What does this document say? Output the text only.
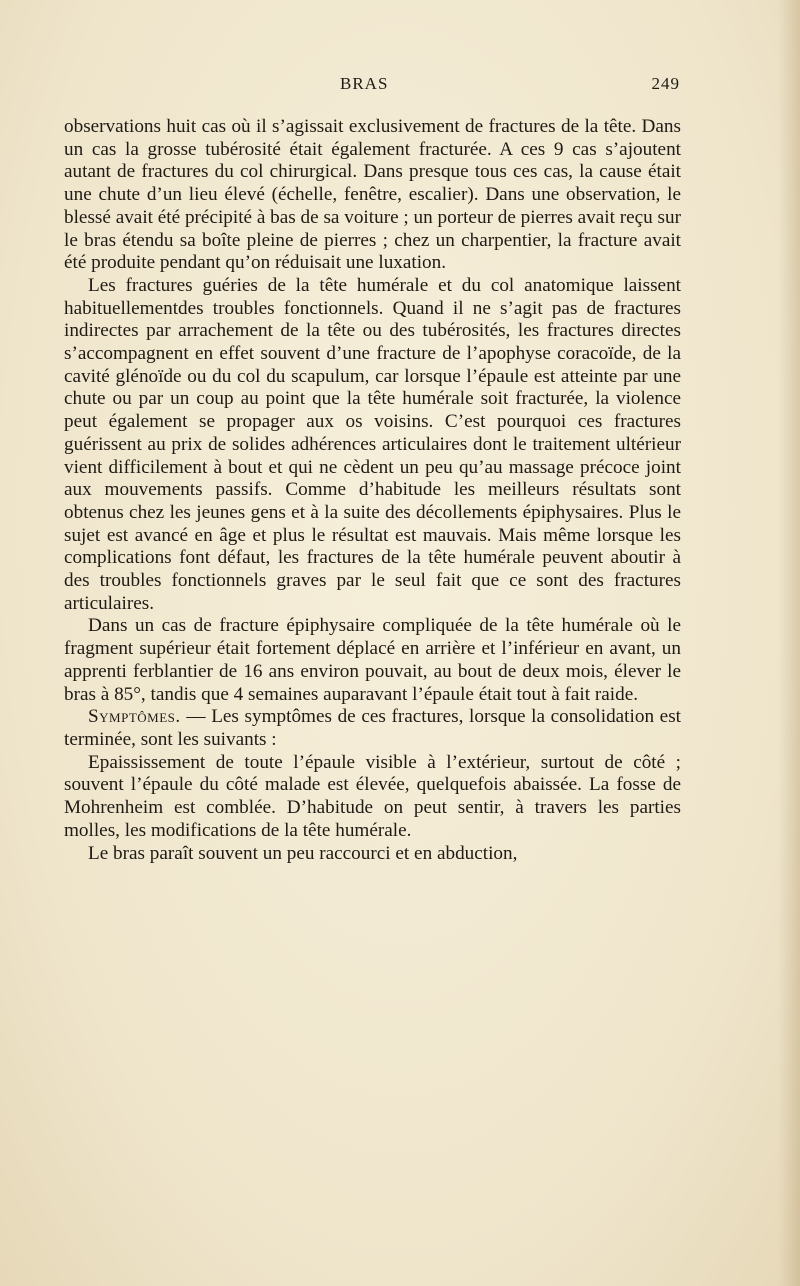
BRAS	249

observations huit cas où il s’agissait exclusivement de fractures de la tête. Dans un cas la grosse tubérosité était également fracturée. A ces 9 cas s’ajoutent autant de fractures du col chirurgical. Dans presque tous ces cas, la cause était une chute d’un lieu élevé (échelle, fenêtre, escalier). Dans une observation, le blessé avait été précipité à bas de sa voiture ; un porteur de pierres avait reçu sur le bras étendu sa boîte pleine de pierres ; chez un charpentier, la fracture avait été produite pendant qu’on réduisait une luxation.

Les fractures guéries de la tête humérale et du col anatomique laissent habituellementdes troubles fonctionnels. Quand il ne s’agit pas de fractures indirectes par arrachement de la tête ou des tubérosités, les fractures directes s’accompagnent en effet souvent d’une fracture de l’apophyse coracoïde, de la cavité glénoïde ou du col du scapulum, car lorsque l’épaule est atteinte par une chute ou par un coup au point que la tête humérale soit fracturée, la violence peut également se propager aux os voisins. C’est pourquoi ces fractures guérissent au prix de solides adhérences articulaires dont le traitement ultérieur vient difficilement à bout et qui ne cèdent un peu qu’au massage précoce joint aux mouvements passifs. Comme d’habitude les meilleurs résultats sont obtenus chez les jeunes gens et à la suite des décollements épiphysaires. Plus le sujet est avancé en âge et plus le résultat est mauvais. Mais même lorsque les complications font défaut, les fractures de la tête humérale peuvent aboutir à des troubles fonctionnels graves par le seul fait que ce sont des fractures articulaires.

Dans un cas de fracture épiphysaire compliquée de la tête humérale où le fragment supérieur était fortement déplacé en arrière et l’inférieur en avant, un apprenti ferblantier de 16 ans environ pouvait, au bout de deux mois, élever le bras à 85°, tandis que 4 semaines auparavant l’épaule était tout à fait raide.

Symptômes. — Les symptômes de ces fractures, lorsque la consolidation est terminée, sont les suivants :

Epaississement de toute l’épaule visible à l’extérieur, surtout de côté ; souvent l’épaule du côté malade est élevée, quelquefois abaissée. La fosse de Mohrenheim est comblée. D’habitude on peut sentir, à travers les parties molles, les modifications de la tête humérale.

Le bras paraît souvent un peu raccourci et en abduction,
